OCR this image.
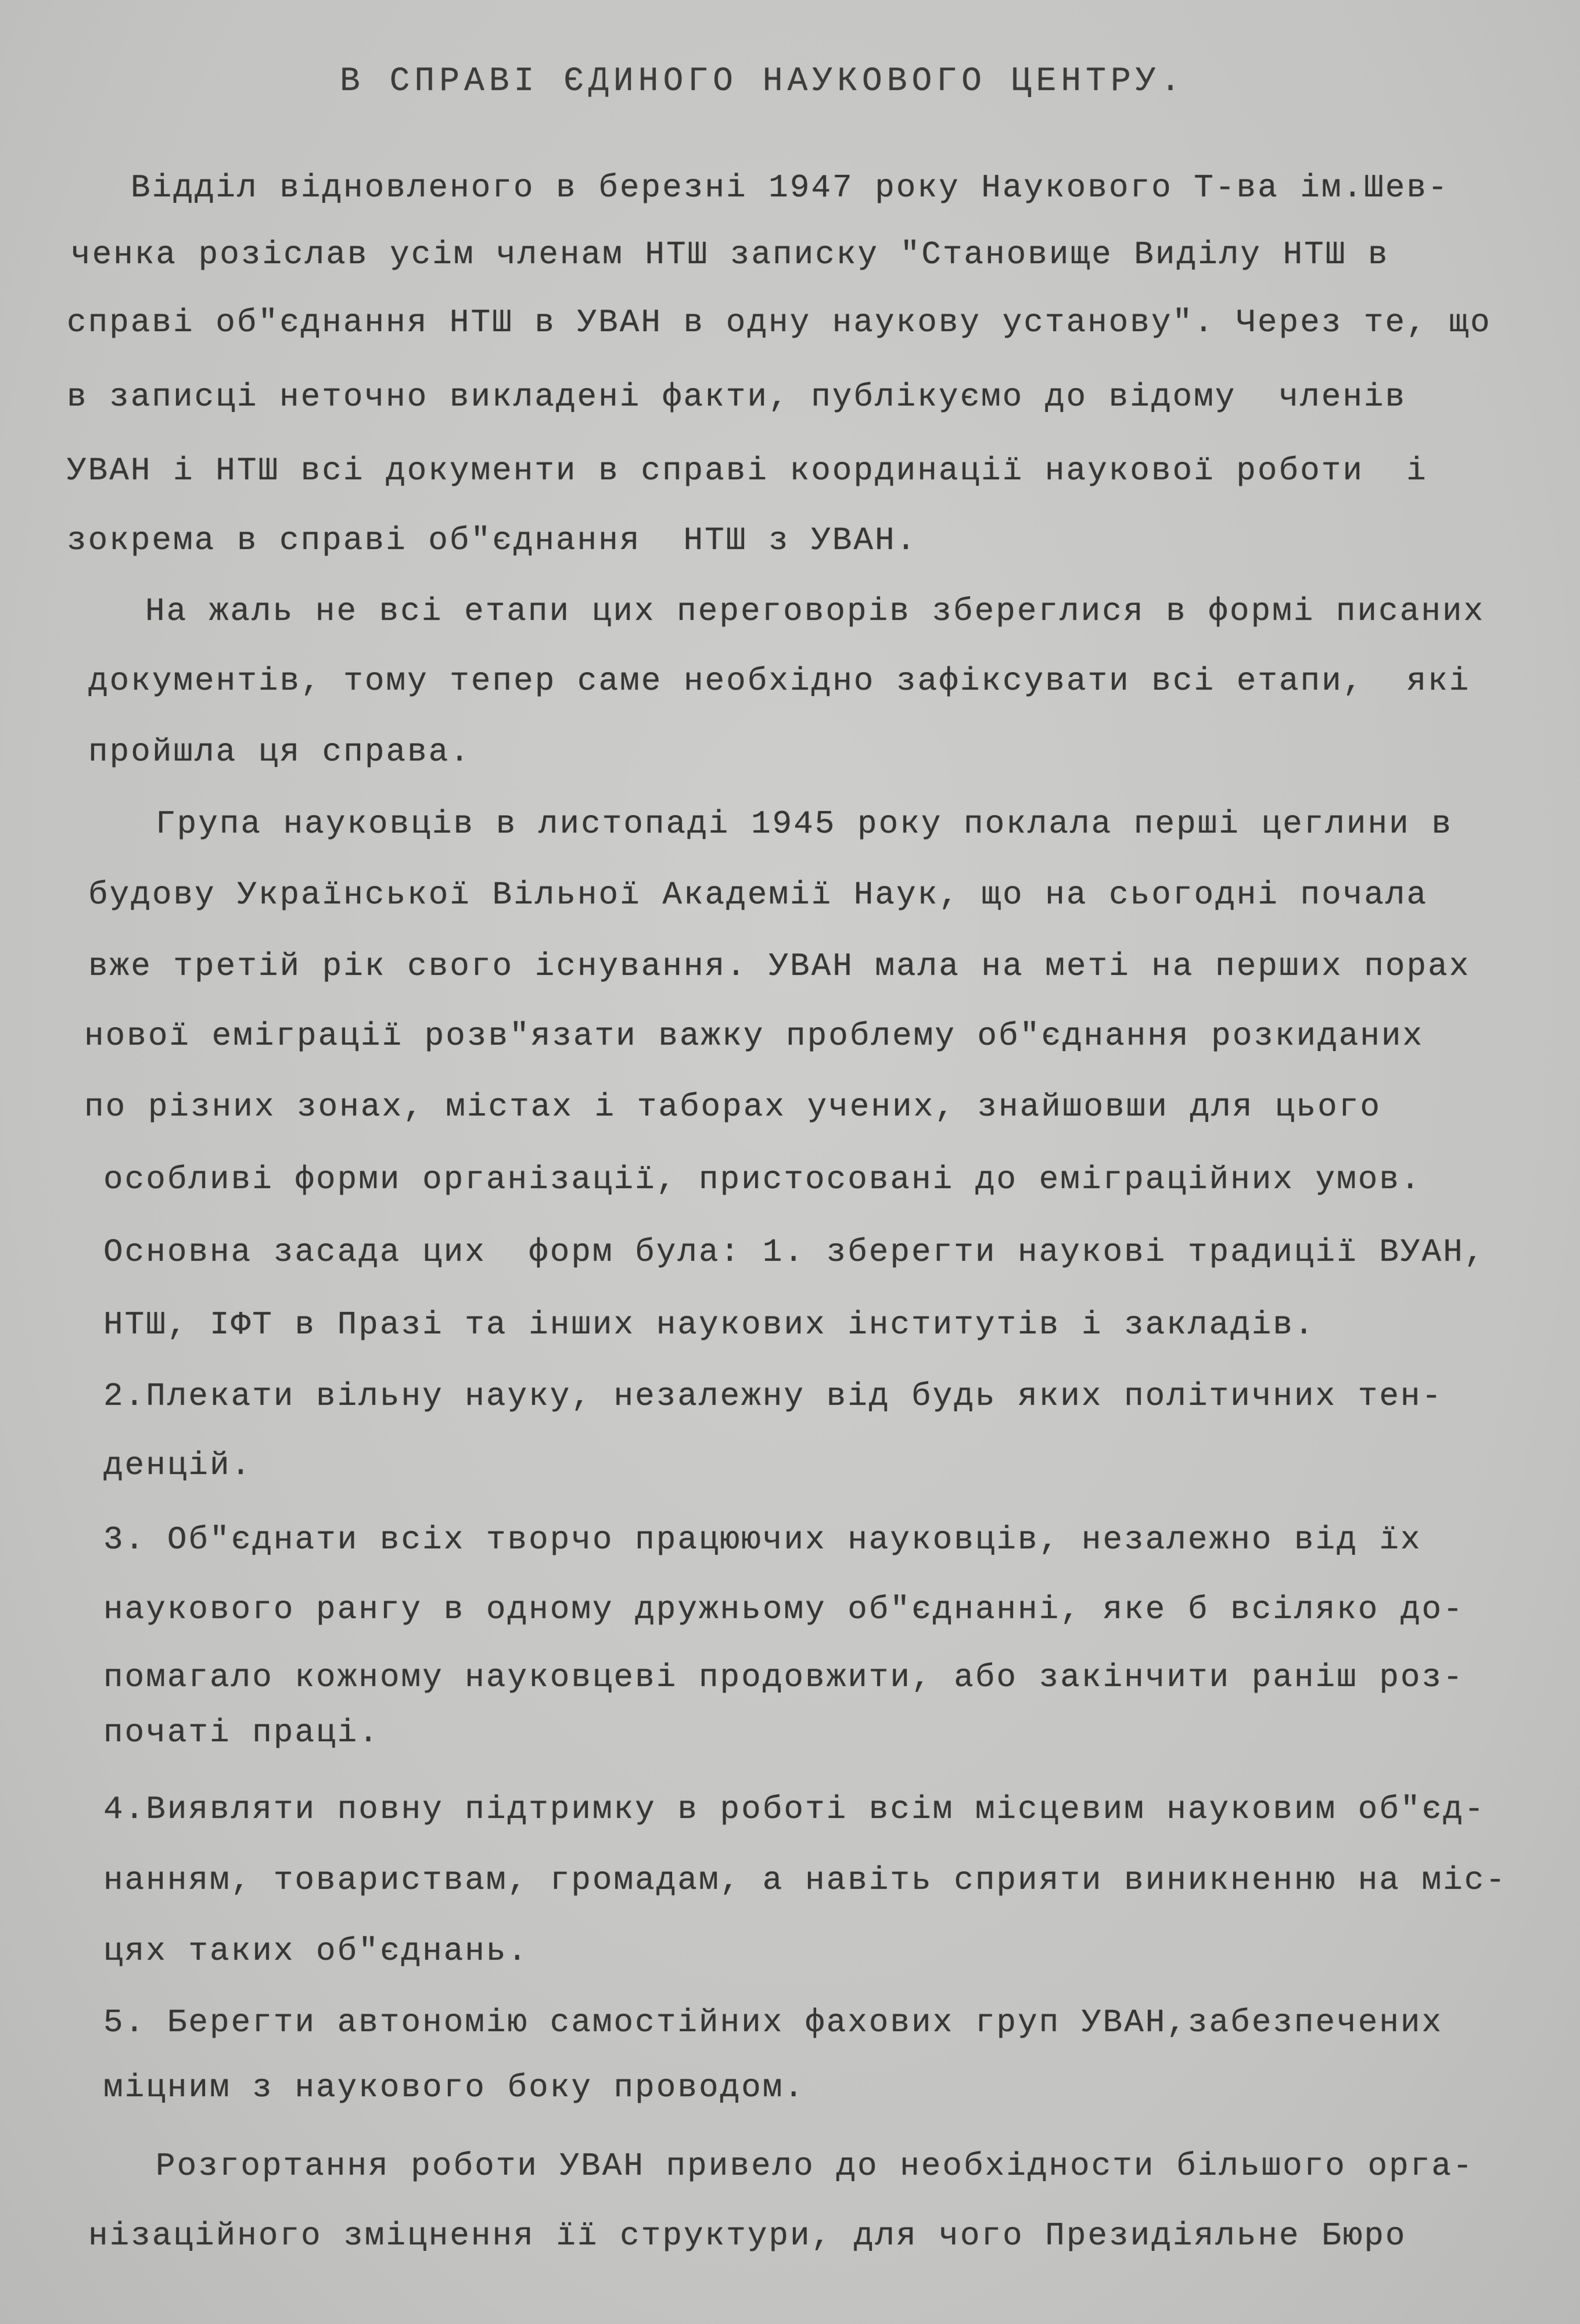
В СПРАВІ ЄДИНОГО НАУКОВОГО ЦЕНТРУ.
Відділ відновленого в березні 1947 року Наукового Т-ва ім.Шев-
ченка розіслав усім членам НТШ записку "Становище Виділу НТШ в
справі об"єднання НТШ в УВАН в одну наукову установу". Через те, що
в записці неточно викладені факти, публікуємо до відому  членів
УВАН і НТШ всі документи в справі координації наукової роботи  і
зокрема в справі об"єднання  НТШ з УВАН.
На жаль не всі етапи цих переговорів збереглися в формі писаних
документів, тому тепер саме необхідно зафіксувати всі етапи,  які
пройшла ця справа.
Група науковців в листопаді 1945 року поклала перші цеглини в
будову Української Вільної Академії Наук, що на сьогодні почала
вже третій рік свого існування. УВАН мала на меті на перших порах
нової еміграції розв"язати важку проблему об"єднання розкиданих
по різних зонах, містах і таборах учених, знайшовши для цього
особливі форми організації, пристосовані до еміграційних умов.
Основна засада цих  форм була: 1. зберегти наукові традиції ВУАН,
НТШ, ІФТ в Празі та інших наукових інститутів і закладів.
2.Плекати вільну науку, незалежну від будь яких політичних тен-
денцій.
3. Об"єднати всіх творчо працюючих науковців, незалежно від їх
наукового рангу в одному дружньому об"єднанні, яке б всіляко до-
помагало кожному науковцеві продовжити, або закінчити раніш роз-
початі праці.
4.Виявляти повну підтримку в роботі всім місцевим науковим об"єд-
нанням, товариствам, громадам, а навіть сприяти виникненню на міс-
цях таких об"єднань.
5. Берегти автономію самостійних фахових груп УВАН,забезпечених
міцним з наукового боку проводом.
Розгортання роботи УВАН привело до необхідности більшого орга-
нізаційного зміцнення її структури, для чого Президіяльне Бюро
